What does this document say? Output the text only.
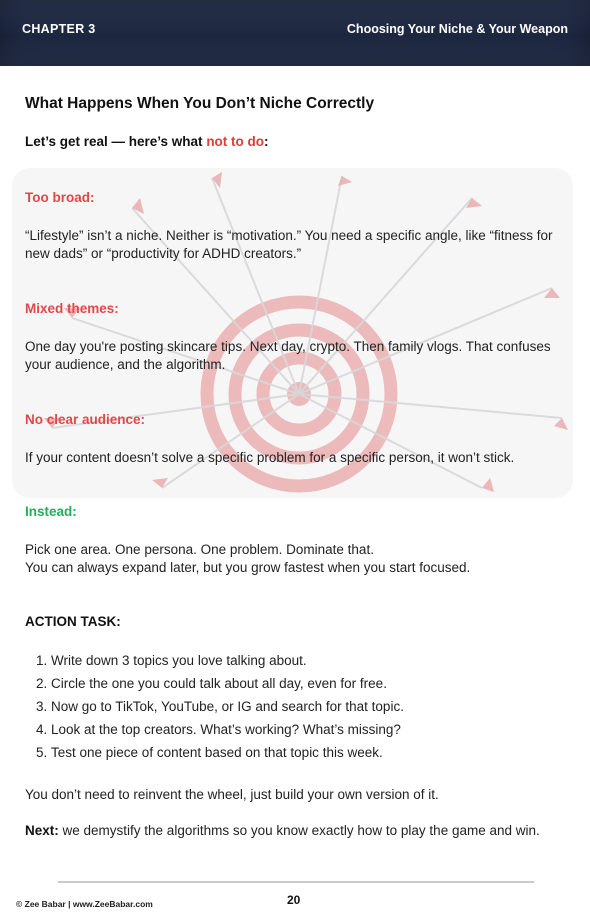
CHAPTER 3	Choosing Your Niche & Your Weapon
What Happens When You Don’t Niche Correctly
Let’s get real — here’s what not to do:
Too broad:
“Lifestyle” isn’t a niche. Neither is “motivation.” You need a specific angle, like “fitness for new dads” or “productivity for ADHD creators.”
Mixed themes:
One day you're posting skincare tips. Next day, crypto. Then family vlogs. That confuses your audience, and the algorithm.
No clear audience:
If your content doesn’t solve a specific problem for a specific person, it won’t stick.
Instead:
Pick one area. One persona. One problem. Dominate that.
You can always expand later, but you grow fastest when you start focused.
ACTION TASK:
1. Write down 3 topics you love talking about.
2. Circle the one you could talk about all day, even for free.
3. Now go to TikTok, YouTube, or IG and search for that topic.
4. Look at the top creators. What’s working? What’s missing?
5. Test one piece of content based on that topic this week.
You don’t need to reinvent the wheel, just build your own version of it.
Next: we demystify the algorithms so you know exactly how to play the game and win.
© Zee Babar | www.ZeeBabar.com	20
